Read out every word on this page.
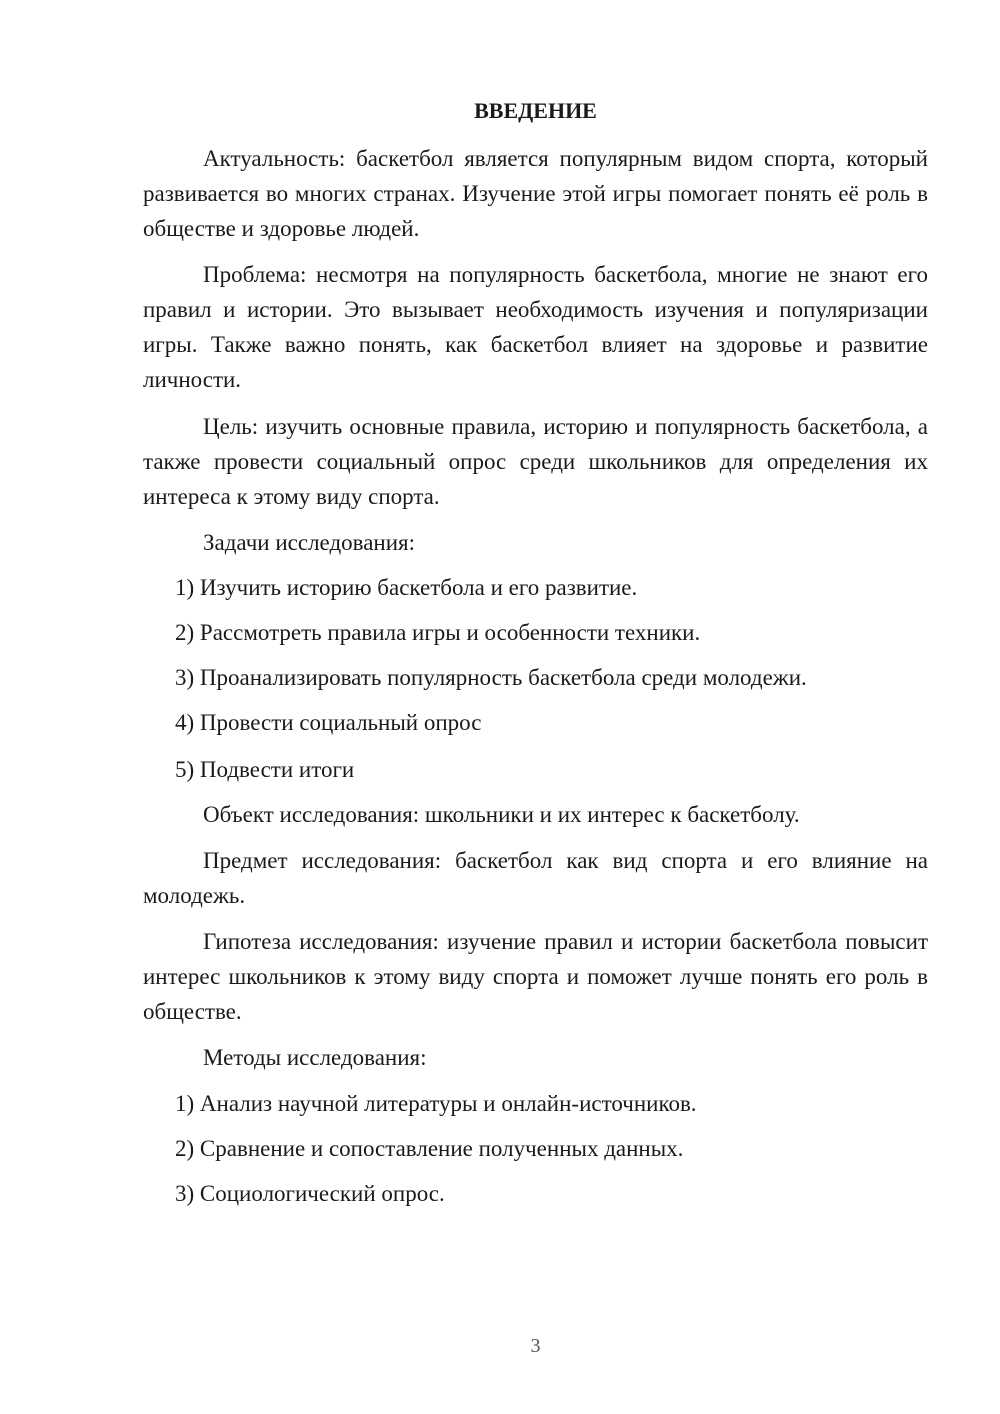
ВВЕДЕНИЕ

Актуальность: баскетбол является популярным видом спорта, который развивается во многих странах. Изучение этой игры помогает понять её роль в обществе и здоровье людей.

Проблема: несмотря на популярность баскетбола, многие не знают его правил и истории. Это вызывает необходимость изучения и популяризации игры. Также важно понять, как баскетбол влияет на здоровье и развитие личности.

Цель: изучить основные правила, историю и популярность баскетбола, а также провести социальный опрос среди школьников для определения их интереса к этому виду спорта.

Задачи исследования:

1) Изучить историю баскетбола и его развитие.

2) Рассмотреть правила игры и особенности техники.

3) Проанализировать популярность баскетбола среди молодежи.

4) Провести социальный опрос

5) Подвести итоги

Объект исследования: школьники и их интерес к баскетболу.

Предмет исследования: баскетбол как вид спорта и его влияние на молодежь.

Гипотеза исследования: изучение правил и истории баскетбола повысит интерес школьников к этому виду спорта и поможет лучше понять его роль в обществе.

Методы исследования:

1) Анализ научной литературы и онлайн-источников.

2) Сравнение и сопоставление полученных данных.

3) Социологический опрос.

3
